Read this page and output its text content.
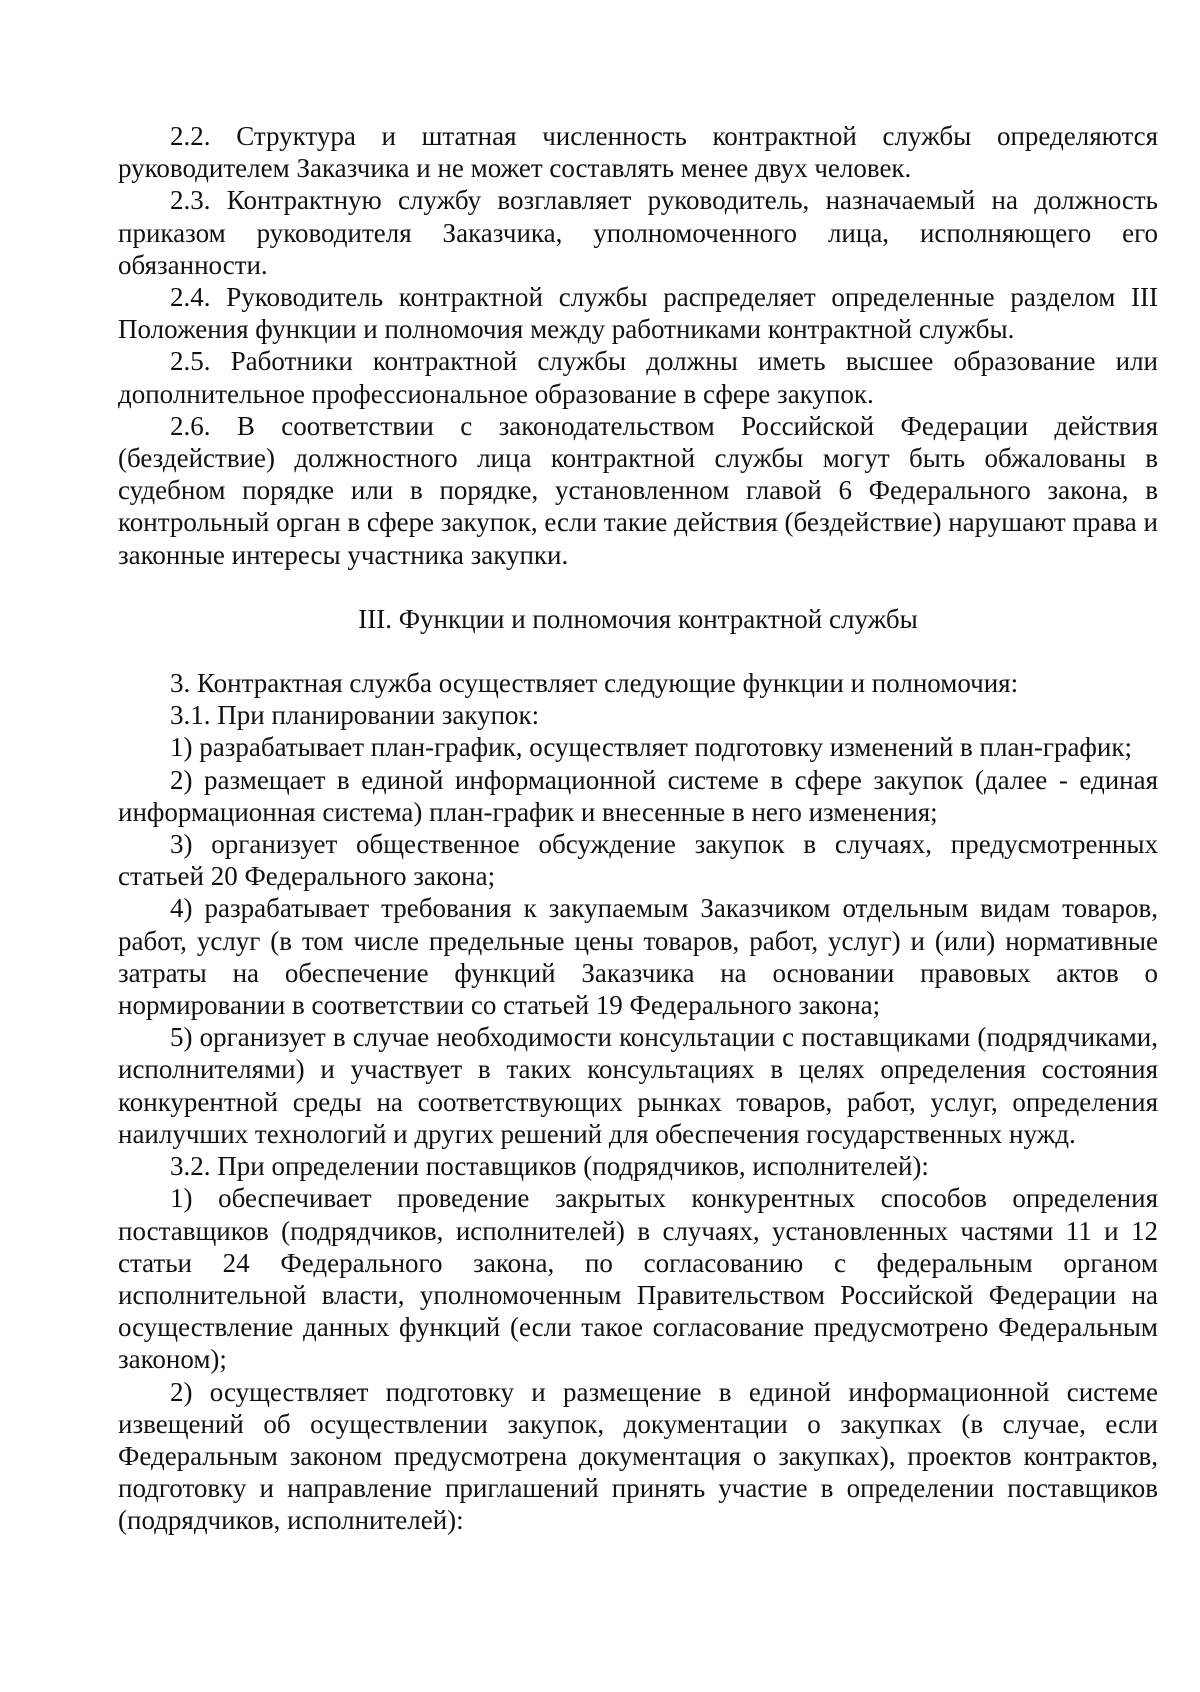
2.2. Структура и штатная численность контрактной службы определяются руководителем Заказчика и не может составлять менее двух человек.

2.3. Контрактную службу возглавляет руководитель, назначаемый на должность приказом руководителя Заказчика, уполномоченного лица, исполняющего его обязанности.

2.4. Руководитель контрактной службы распределяет определенные разделом III Положения функции и полномочия между работниками контрактной службы.

2.5. Работники контрактной службы должны иметь высшее образование или дополнительное профессиональное образование в сфере закупок.

2.6. В соответствии с законодательством Российской Федерации действия (бездействие) должностного лица контрактной службы могут быть обжалованы в судебном порядке или в порядке, установленном главой 6 Федерального закона, в контрольный орган в сфере закупок, если такие действия (бездействие) нарушают права и законные интересы участника закупки.

III. Функции и полномочия контрактной службы

3. Контрактная служба осуществляет следующие функции и полномочия:

3.1. При планировании закупок:

1) разрабатывает план-график, осуществляет подготовку изменений в план-график;

2) размещает в единой информационной системе в сфере закупок (далее - единая информационная система) план-график и внесенные в него изменения;

3) организует общественное обсуждение закупок в случаях, предусмотренных статьей 20 Федерального закона;

4) разрабатывает требования к закупаемым Заказчиком отдельным видам товаров, работ, услуг (в том числе предельные цены товаров, работ, услуг) и (или) нормативные затраты на обеспечение функций Заказчика на основании правовых актов о нормировании в соответствии со статьей 19 Федерального закона;

5) организует в случае необходимости консультации с поставщиками (подрядчиками, исполнителями) и участвует в таких консультациях в целях определения состояния конкурентной среды на соответствующих рынках товаров, работ, услуг, определения наилучших технологий и других решений для обеспечения государственных нужд.

3.2. При определении поставщиков (подрядчиков, исполнителей):

1) обеспечивает проведение закрытых конкурентных способов определения поставщиков (подрядчиков, исполнителей) в случаях, установленных частями 11 и 12 статьи 24 Федерального закона, по согласованию с федеральным органом исполнительной власти, уполномоченным Правительством Российской Федерации на осуществление данных функций (если такое согласование предусмотрено Федеральным законом);

2) осуществляет подготовку и размещение в единой информационной системе извещений об осуществлении закупок, документации о закупках (в случае, если Федеральным законом предусмотрена документация о закупках), проектов контрактов, подготовку и направление приглашений принять участие в определении поставщиков (подрядчиков, исполнителей):
